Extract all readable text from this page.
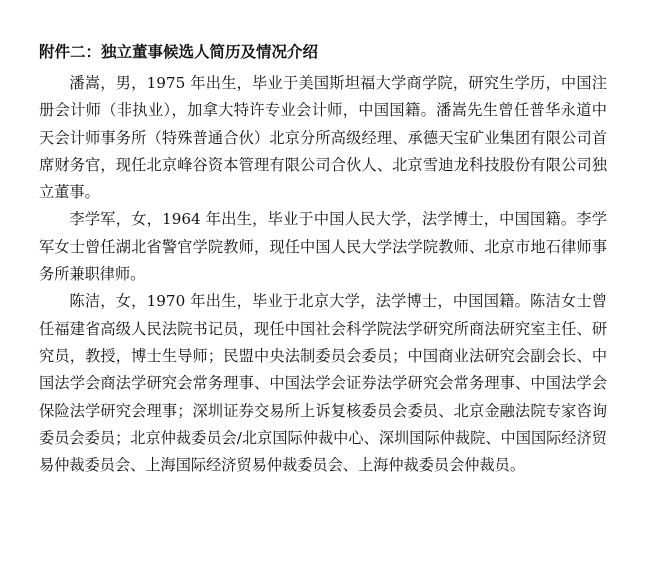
附件二：独立董事候选人简历及情况介绍

潘嵩，男，1975 年出生，毕业于美国斯坦福大学商学院，研究生学历，中国注册会计师（非执业），加拿大特许专业会计师，中国国籍。潘嵩先生曾任普华永道中天会计师事务所（特殊普通合伙）北京分所高级经理、承德天宝矿业集团有限公司首席财务官，现任北京峰谷资本管理有限公司合伙人、北京雪迪龙科技股份有限公司独立董事。

李学军，女，1964 年出生，毕业于中国人民大学，法学博士，中国国籍。李学军女士曾任湖北省警官学院教师，现任中国人民大学法学院教师、北京市地石律师事务所兼职律师。

陈洁，女，1970 年出生，毕业于北京大学，法学博士，中国国籍。陈洁女士曾任福建省高级人民法院书记员，现任中国社会科学院法学研究所商法研究室主任、研究员，教授，博士生导师；民盟中央法制委员会委员；中国商业法研究会副会长、中国法学会商法学研究会常务理事、中国法学会证券法学研究会常务理事、中国法学会保险法学研究会理事；深圳证券交易所上诉复核委员会委员、北京金融法院专家咨询委员会委员；北京仲裁委员会/北京国际仲裁中心、深圳国际仲裁院、中国国际经济贸易仲裁委员会、上海国际经济贸易仲裁委员会、上海仲裁委员会仲裁员。
